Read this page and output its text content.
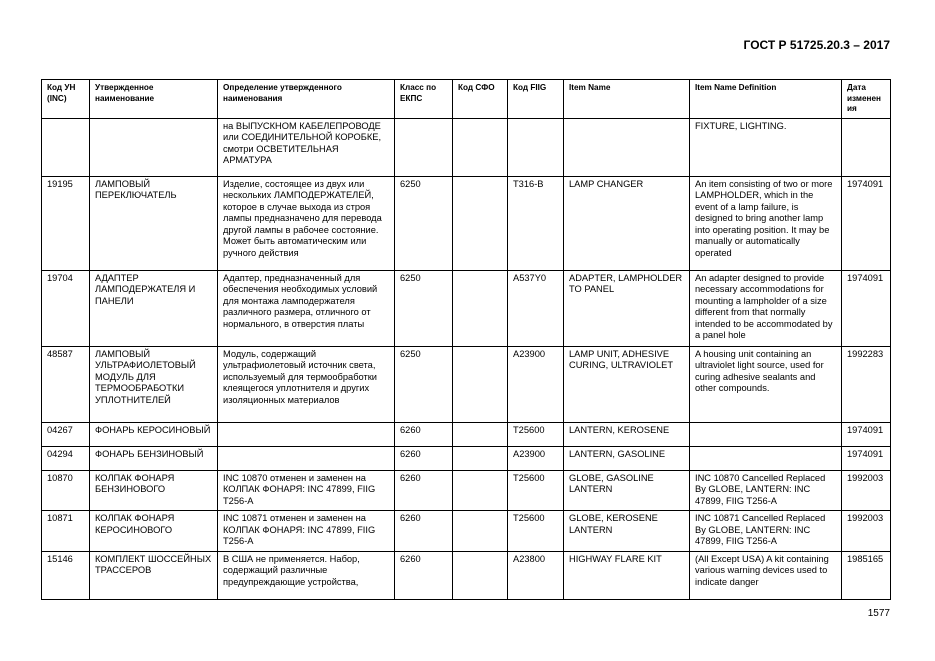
ГОСТ Р 51725.20.3 – 2017
Код УН (INC)	Утвержденное наименование	Определение утвержденного наименования	Класс по ЕКПС	Код СФО	Код FIIG	Item Name	Item Name Definition	Дата изменения
		на ВЫПУСКНОМ КАБЕЛЕПРОВОДЕ или СОЕДИНИТЕЛЬНОЙ КОРОБКЕ, смотри ОСВЕТИТЕЛЬНАЯ АРМАТУРА					FIXTURE, LIGHTING.	
19195	ЛАМПОВЫЙ ПЕРЕКЛЮЧАТЕЛЬ	Изделие, состоящее из двух или нескольких ЛАМПОДЕРЖАТЕЛЕЙ, которое в случае выхода из строя лампы предназначено для перевода другой лампы в рабочее состояние. Может быть автоматическим или ручного действия	6250		T316-B	LAMP CHANGER	An item consisting of two or more LAMPHOLDER, which in the event of a lamp failure, is designed to bring another lamp into operating position. It may be manually or automatically operated	1974091
19704	АДАПТЕР ЛАМПОДЕРЖАТЕЛЯ И ПАНЕЛИ	Адаптер, предназначенный для обеспечения необходимых условий для монтажа ламподержателя различного размера, отличного от нормального, в отверстия платы	6250		A537Y0	ADAPTER, LAMPHOLDER TO PANEL	An adapter designed to provide necessary accommodations for mounting a lampholder of a size different from that normally intended to be accommodated by a panel hole	1974091
48587	ЛАМПОВЫЙ УЛЬТРАФИОЛЕТОВЫЙ МОДУЛЬ ДЛЯ ТЕРМООБРАБОТКИ УПЛОТНИТЕЛЕЙ	Модуль, содержащий ультрафиолетовый источник света, используемый для термообработки клеящегося уплотнителя и других изоляционных материалов	6250		A23900	LAMP UNIT, ADHESIVE CURING, ULTRAVIOLET	A housing unit containing an ultraviolet light source, used for curing adhesive sealants and other compounds.	1992283
04267	ФОНАРЬ КЕРОСИНОВЫЙ		6260		T25600	LANTERN, KEROSENE		1974091
04294	ФОНАРЬ БЕНЗИНОВЫЙ		6260		A23900	LANTERN, GASOLINE		1974091
10870	КОЛПАК ФОНАРЯ БЕНЗИНОВОГО	INC 10870 отменен и заменен на КОЛПАК ФОНАРЯ: INC 47899, FIIG T256-A	6260		T25600	GLOBE, GASOLINE LANTERN	INC 10870 Cancelled Replaced By GLOBE, LANTERN: INC 47899, FIIG T256-A	1992003
10871	КОЛПАК ФОНАРЯ КЕРОСИНОВОГО	INC 10871 отменен и заменен на КОЛПАК ФОНАРЯ: INC 47899, FIIG T256-A	6260		T25600	GLOBE, KEROSENE LANTERN	INC 10871 Cancelled Replaced By GLOBE, LANTERN: INC 47899, FIIG T256-A	1992003
15146	КОМПЛЕКТ ШОССЕЙНЫХ ТРАССЕРОВ	В США не применяется. Набор, содержащий различные предупреждающие устройства,	6260		A23800	HIGHWAY FLARE KIT	(All Except USA) A kit containing various warning devices used to indicate danger	1985165
1577
